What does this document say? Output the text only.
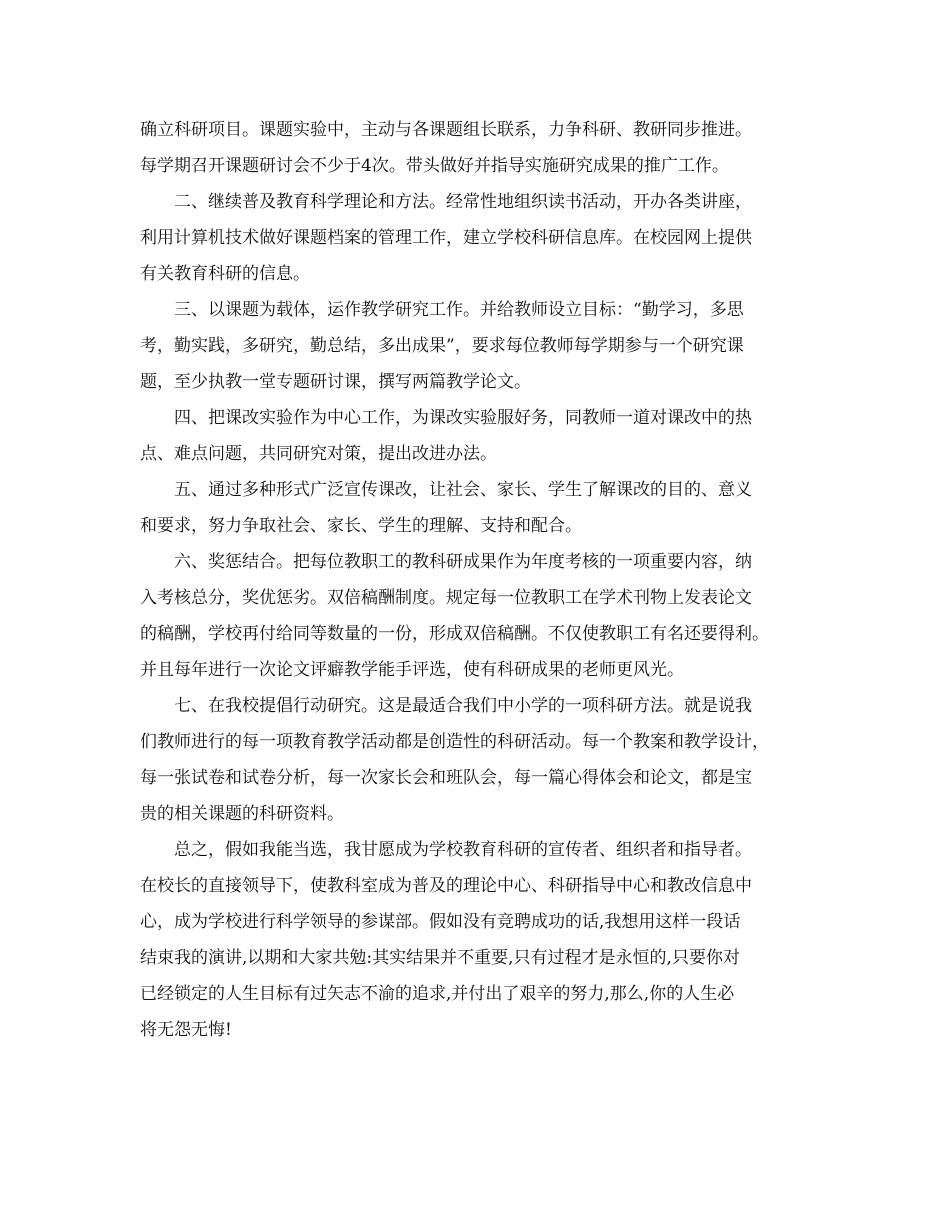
确立科研项目。课题实验中，主动与各课题组长联系，力争科研、教研同步推进。
每学期召开课题研讨会不少于4次。带头做好并指导实施研究成果的推广工作。
　　二、继续普及教育科学理论和方法。经常性地组织读书活动，开办各类讲座，
利用计算机技术做好课题档案的管理工作，建立学校科研信息库。在校园网上提供
有关教育科研的信息。
　　三、以课题为载体，运作教学研究工作。并给教师设立目标：“勤学习，多思
考，勤实践，多研究，勤总结，多出成果”，要求每位教师每学期参与一个研究课
题，至少执教一堂专题研讨课，撰写两篇教学论文。
　　四、把课改实验作为中心工作，为课改实验服好务，同教师一道对课改中的热
点、难点问题，共同研究对策，提出改进办法。
　　五、通过多种形式广泛宣传课改，让社会、家长、学生了解课改的目的、意义
和要求，努力争取社会、家长、学生的理解、支持和配合。
　　六、奖惩结合。把每位教职工的教科研成果作为年度考核的一项重要内容，纳
入考核总分，奖优惩劣。双倍稿酬制度。规定每一位教职工在学术刊物上发表论文
的稿酬，学校再付给同等数量的一份，形成双倍稿酬。不仅使教职工有名还要得利。
并且每年进行一次论文评癖教学能手评选，使有科研成果的老师更风光。
　　七、在我校提倡行动研究。这是最适合我们中小学的一项科研方法。就是说我
们教师进行的每一项教育教学活动都是创造性的科研活动。每一个教案和教学设计，
每一张试卷和试卷分析，每一次家长会和班队会，每一篇心得体会和论文，都是宝
贵的相关课题的科研资料。
　　总之，假如我能当选，我甘愿成为学校教育科研的宣传者、组织者和指导者。
在校长的直接领导下，使教科室成为普及的理论中心、科研指导中心和教改信息中
心，成为学校进行科学领导的参谋部。假如没有竞聘成功的话,我想用这样一段话
结束我的演讲,以期和大家共勉:其实结果并不重要,只有过程才是永恒的,只要你对
已经锁定的人生目标有过矢志不渝的追求,并付出了艰辛的努力,那么,你的人生必
将无怨无悔!
